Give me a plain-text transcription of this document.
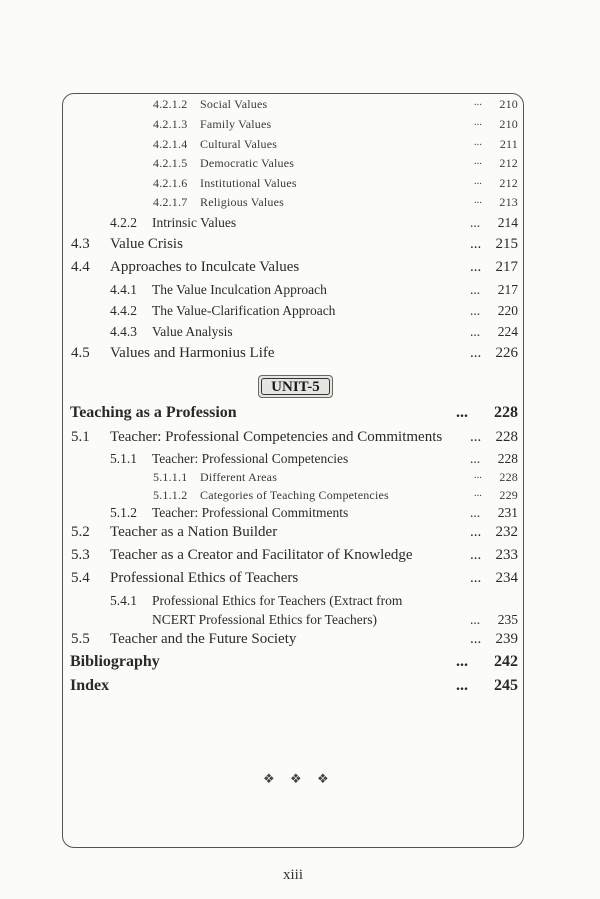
4.2.1.2 Social Values	... 210
4.2.1.3 Family Values	... 210
4.2.1.4 Cultural Values	... 211
4.2.1.5 Democratic Values	... 212
4.2.1.6 Institutional Values	... 212
4.2.1.7 Religious Values	... 213
4.2.2 Intrinsic Values	... 214
4.3 Value Crisis	... 215
4.4 Approaches to Inculcate Values	... 217
4.4.1 The Value Inculcation Approach	... 217
4.4.2 The Value-Clarification Approach	... 220
4.4.3 Value Analysis	... 224
4.5 Values and Harmonius Life	... 226
UNIT-5
Teaching as a Profession	... 228
5.1 Teacher: Professional Competencies and Commitments ... 228
5.1.1 Teacher: Professional Competencies	... 228
5.1.1.1 Different Areas	... 228
5.1.1.2 Categories of Teaching Competencies	... 229
5.1.2 Teacher: Professional Commitments	... 231
5.2 Teacher as a Nation Builder	... 232
5.3 Teacher as a Creator and Facilitator of Knowledge	... 233
5.4 Professional Ethics of Teachers	... 234
5.4.1 Professional Ethics for Teachers (Extract from
NCERT Professional Ethics for Teachers)	... 235
5.5 Teacher and the Future Society	... 239
Bibliography	... 242
Index	... 245
❖ ❖ ❖
xiii
